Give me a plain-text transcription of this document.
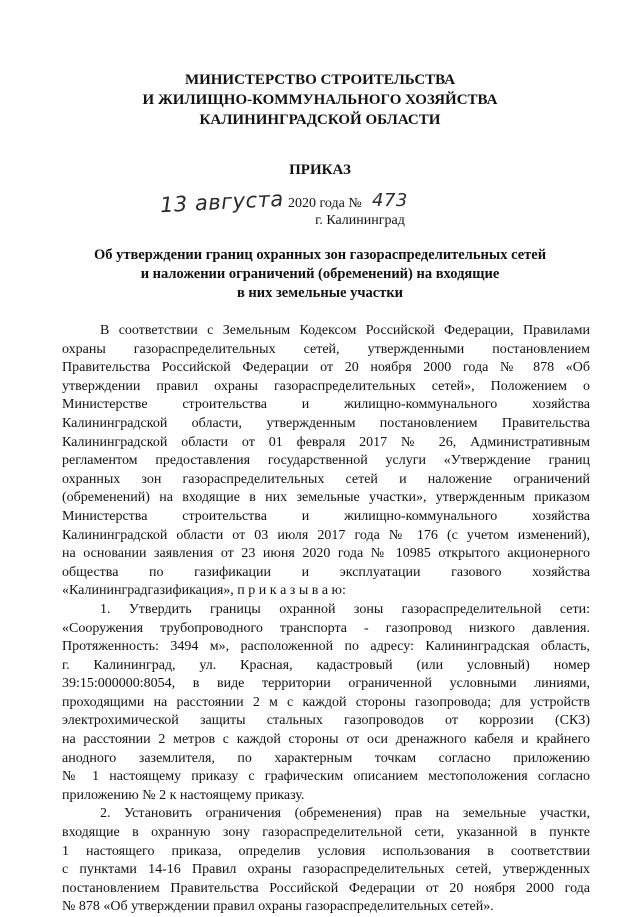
МИНИСТЕРСТВО СТРОИТЕЛЬСТВА
И ЖИЛИЩНО-КОММУНАЛЬНОГО ХОЗЯЙСТВА
КАЛИНИНГРАДСКОЙ ОБЛАСТИ
ПРИКАЗ
13 августа 2020 года № 473
г. Калининград
Об утверждении границ охранных зон газораспределительных сетей
и наложении ограничений (обременений) на входящие
в них земельные участки

В соответствии с Земельным Кодексом Российской Федерации, Правилами
охраны газораспределительных сетей, утвержденными постановлением
Правительства Российской Федерации от 20 ноября 2000 года № 878 «Об
утверждении правил охраны газораспределительных сетей», Положением о
Министерстве строительства и жилищно-коммунального хозяйства
Калининградской области, утвержденным постановлением Правительства
Калининградской области от 01 февраля 2017 № 26, Административным
регламентом предоставления государственной услуги «Утверждение границ
охранных зон газораспределительных сетей и наложение ограничений
(обременений) на входящие в них земельные участки», утвержденным приказом
Министерства строительства и жилищно-коммунального хозяйства
Калининградской области от 03 июля 2017 года № 176 (с учетом изменений),
на основании заявления от 23 июня 2020 года № 10985 открытого акционерного
общества по газификации и эксплуатации газового хозяйства
«Калининградгазификация», п р и к а з ы в а ю:

1. Утвердить границы охранной зоны газораспределительной сети:
«Сооружения трубопроводного транспорта - газопровод низкого давления.
Протяженность: 3494 м», расположенной по адресу: Калининградская область,
г. Калининград, ул. Красная, кадастровый (или условный) номер
39:15:000000:8054, в виде территории ограниченной условными линиями,
проходящими на расстоянии 2 м с каждой стороны газопровода; для устройств
электрохимической защиты стальных газопроводов от коррозии (СКЗ)
на расстоянии 2 метров с каждой стороны от оси дренажного кабеля и крайнего
анодного заземлителя, по характерным точкам согласно приложению
№ 1 настоящему приказу с графическим описанием местоположения согласно
приложению № 2 к настоящему приказу.

2. Установить ограничения (обременения) прав на земельные участки,
входящие в охранную зону газораспределительной сети, указанной в пункте
1 настоящего приказа, определив условия использования в соответствии
с пунктами 14-16 Правил охраны газораспределительных сетей, утвержденных
постановлением Правительства Российской Федерации от 20 ноября 2000 года
№ 878 «Об утверждении правил охраны газораспределительных сетей».
